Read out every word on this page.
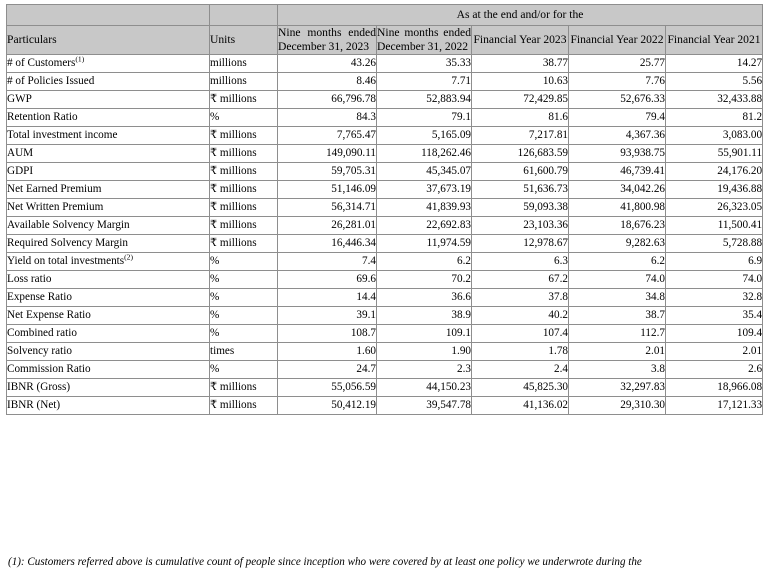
		As at the end and/or for the				
Particulars	Units	Nine months ended December 31, 2023	Nine months ended December 31, 2022	Financial Year 2023	Financial Year 2022	Financial Year 2021
# of Customers$^{(1)}$	millions	43.26	35.33	38.77	25.77	14.27
# of Policies Issued	millions	8.46	7.71	10.63	7.76	5.56
GWP	₹ millions	66,796.78	52,883.94	72,429.85	52,676.33	32,433.88
Retention Ratio	%	84.3	79.1	81.6	79.4	81.2
Total investment income	₹ millions	7,765.47	5,165.09	7,217.81	4,367.36	3,083.00
AUM	₹ millions	149,090.11	118,262.46	126,683.59	93,938.75	55,901.11
GDPI	₹ millions	59,705.31	45,345.07	61,600.79	46,739.41	24,176.20
Net Earned Premium	₹ millions	51,146.09	37,673.19	51,636.73	34,042.26	19,436.88
Net Written Premium	₹ millions	56,314.71	41,839.93	59,093.38	41,800.98	26,323.05
Available Solvency Margin	₹ millions	26,281.01	22,692.83	23,103.36	18,676.23	11,500.41
Required Solvency Margin	₹ millions	16,446.34	11,974.59	12,978.67	9,282.63	5,728.88
Yield on total investments$^{(2)}$	%	7.4	6.2	6.3	6.2	6.9
Loss ratio	%	69.6	70.2	67.2	74.0	74.0
Expense Ratio	%	14.4	36.6	37.8	34.8	32.8
Net Expense Ratio	%	39.1	38.9	40.2	38.7	35.4
Combined ratio	%	108.7	109.1	107.4	112.7	109.4
Solvency ratio	times	1.60	1.90	1.78	2.01	2.01
Commission Ratio	%	24.7	2.3	2.4	3.8	2.6
IBNR (Gross)	₹ millions	55,056.59	44,150.23	45,825.30	32,297.83	18,966.08
IBNR (Net)	₹ millions	50,412.19	39,547.78	41,136.02	29,310.30	17,121.33
(1): Customers referred above is cumulative count of people since inception who were covered by at least one policy we underwrote during the
